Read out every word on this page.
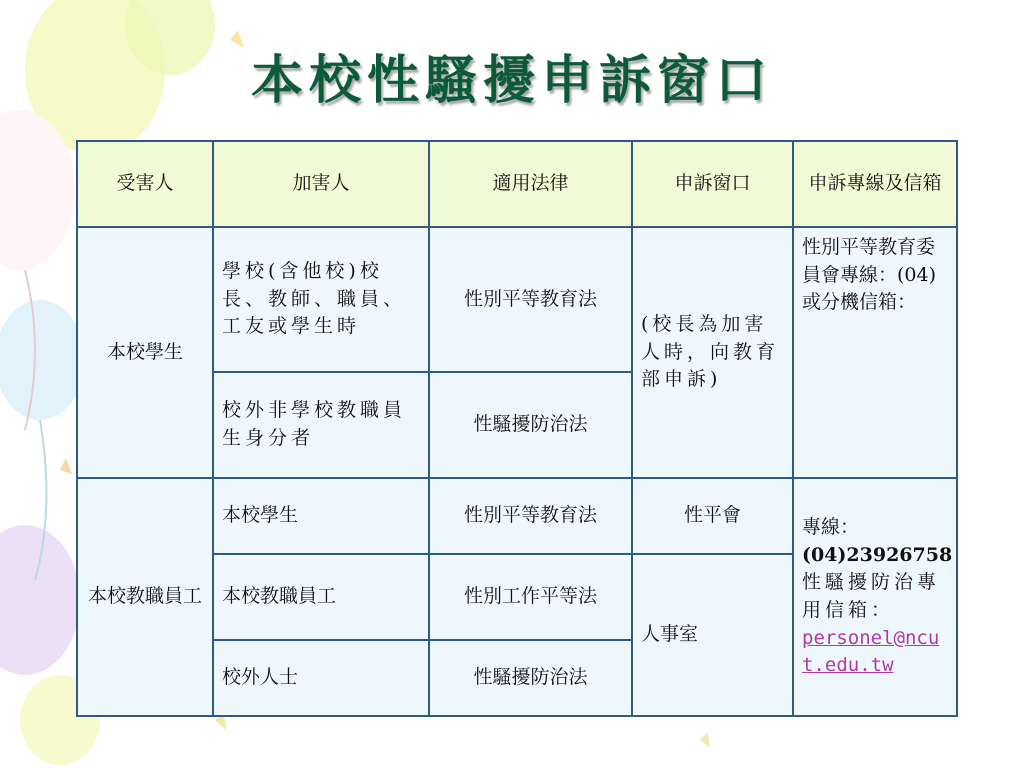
本校性騷擾申訴窗口
受害人	加害人	適用法律	申訴窗口	申訴專線及信箱
本校學生	學校(含他校)校長、教師、職員、工友或學生時	性別平等教育法	(校長為加害人時，向教育部申訴)	性別平等教育委員會專線：(04)或分機信箱：
	校外非學校教職員生身分者	性騷擾防治法		
本校教職員工	本校學生	性別平等教育法	性平會	專線：
(04)23926758
性騷擾防治專用信箱：
personel@ncut.edu.tw

	本校教職員工	性別工作平等法	人事室	
	校外人士	性騷擾防治法		
